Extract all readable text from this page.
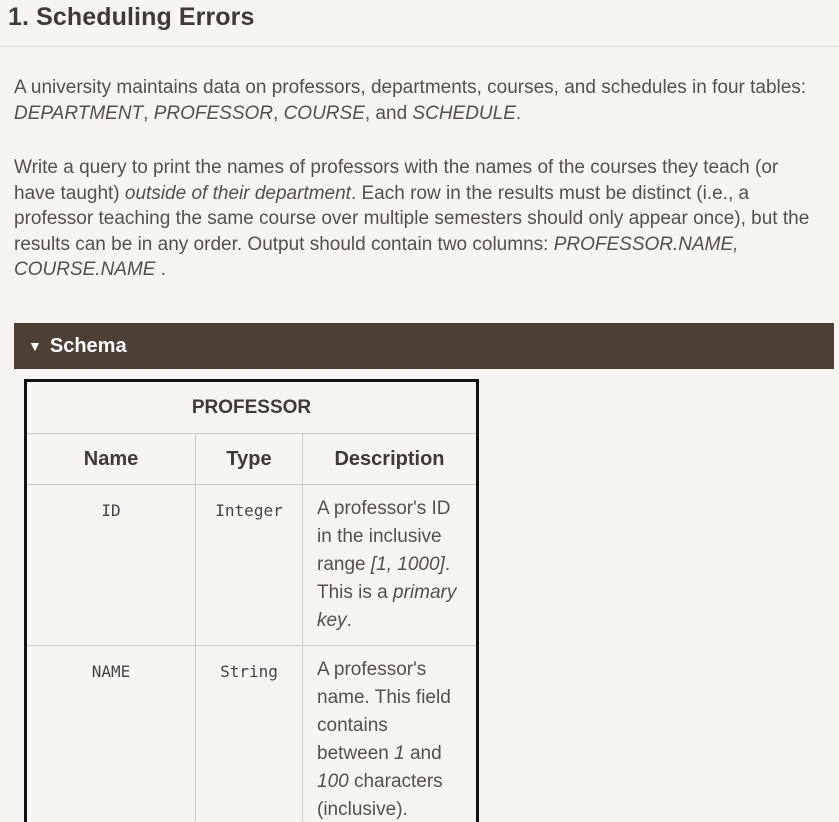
1. Scheduling Errors

A university maintains data on professors, departments, courses, and schedules in four tables: DEPARTMENT, PROFESSOR, COURSE, and SCHEDULE.

Write a query to print the names of professors with the names of the courses they teach (or have taught) outside of their department. Each row in the results must be distinct (i.e., a professor teaching the same course over multiple semesters should only appear once), but the results can be in any order. Output should contain two columns: PROFESSOR.NAME, COURSE.NAME .

▼ Schema
PROFESSOR		
Name	Type	Description
ID	Integer	A professor's ID in the inclusive range [1, 1000]. This is a primary key.
NAME	String	A professor's name. This field contains between 1 and 100 characters (inclusive).
